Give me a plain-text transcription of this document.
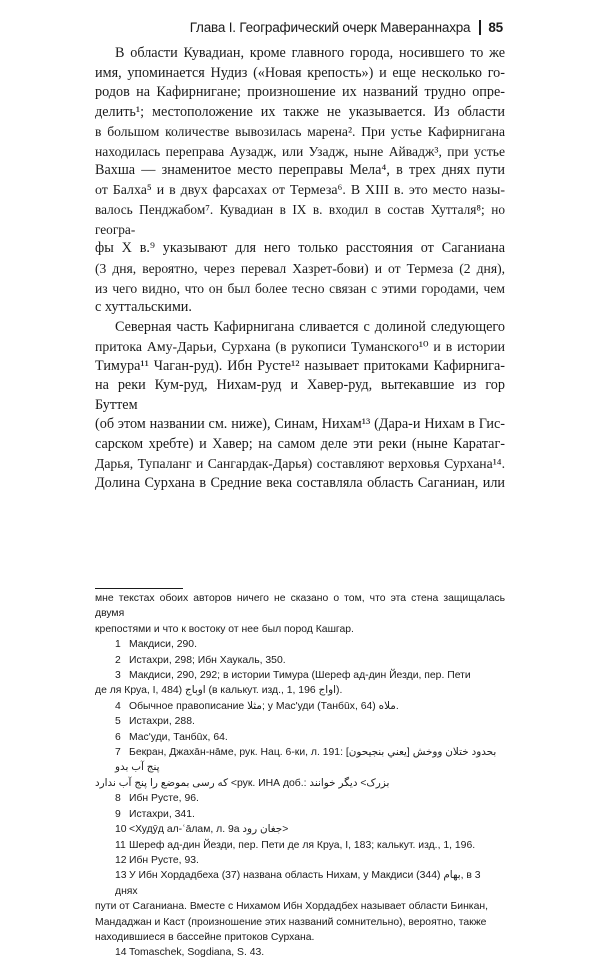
Глава I. Географический очерк Мавераннахра 85
В области Кувадиан, кроме главного города, носившего то же
имя, упоминается Нудиз («Новая крепость») и еще несколько го-
родов на Кафирнигане; произношение их названий трудно опре-
делить¹; местоположение их также не указывается. Из области
в большом количестве вывозилась марена². При устье Кафирнигана
находилась переправа Аузадж, или Узадж, ныне Айвадж³, при устье
Вахша — знаменитое место переправы Мела⁴, в трех днях пути
от Балха⁵ и в двух фарсахах от Термеза⁶. В XIII в. это место назы-
валось Пенджабом⁷. Кувадиан в IX в. входил в состав Хутталя⁸; но геогра-
фы X в.⁹ указывают для него только расстояния от Саганиана
(3 дня, вероятно, через перевал Хазрет-бови) и от Термеза (2 дня),
из чего видно, что он был более тесно связан с этими городами, чем
с хуттальскими.
Северная часть Кафирнигана сливается с долиной следующего
притока Аму-Дарьи, Сурхана (в рукописи Туманского¹⁰ и в истории
Тимура¹¹ Чаган-руд). Ибн Русте¹² называет притоками Кафирнига-
на реки Кум-руд, Нихам-руд и Хавер-руд, вытекавшие из гор Буттем
(об этом названии см. ниже), Синам, Нихам¹³ (Дара-и Нихам в Гис-
сарском хребте) и Хавер; на самом деле эти реки (ныне Каратаг-
Дарья, Тупаланг и Сангардак-Дарья) составляют верховья Сурхана¹⁴.
Долина Сурхана в Средние века составляла область Саганиан, или
мне текстах обоих авторов ничего не сказано о том, что эта стена защищалась двумя
крепостями и что к востоку от нее был пород Кашгар.
1 Макдиси, 290.
2 Истахри, 298; Ибн Хаукаль, 350.
3 Макдиси, 290, 292; в истории Тимура (Шереф ад-дин Йезди, пер. Пети
де ля Круа, I, 484) اوباج (в калькут. изд., 1, 196 اواج).
4 Обычное правописание مثلا; у Мас'уди (Танбūх, 64) ملاه.
5 Истахри, 288.
6 Мас'уди, Танбūх, 64.
7 Бекран, Джахāн-нāме, рук. Нац. 6-ки, л. 191: [يعني بنجيحون] بحدود ختلان ووخش پنج آب بدو
که رسی بموضع را پنج آب ندارد <рук. ИНА доб.: بزرک> دیگر خوانند
8 Ибн Русте, 96.
9 Истахри, 341.
10 <Худӯд ал-ʿāлам, л. 9a جغان رود>
11 Шереф ад-дин Йезди, пер. Пети де ля Круа, I, 183; калькут. изд., 1, 196.
12 Ибн Русте, 93.
13 У Ибн Хордадбеха (37) названа область Нихам, у Макдиси (344) بهام, в 3 днях
пути от Саганиана. Вместе с Нихамом Ибн Хордадбех называет области Бинкан,
Мандаджан и Каст (произношение этих названий сомнительно), вероятно, также
находившиеся в бассейне притоков Сурхана.
14 Tomaschek, Sogdiana, S. 43.
